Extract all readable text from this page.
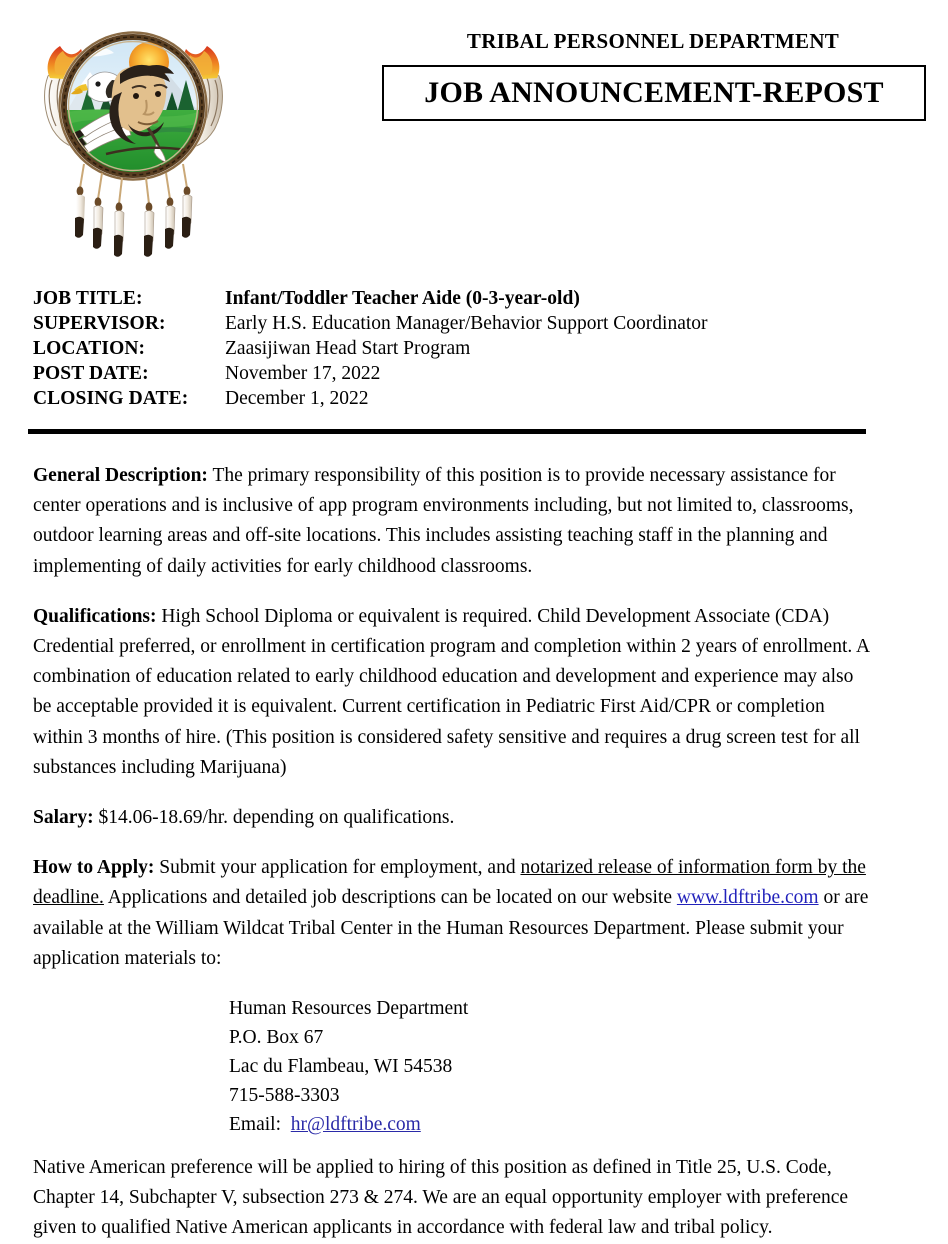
TRIBAL PERSONNEL DEPARTMENT
JOB ANNOUNCEMENT-REPOST
JOB TITLE:	Infant/Toddler Teacher Aide (0-3-year-old)
SUPERVISOR:	Early H.S. Education Manager/Behavior Support Coordinator
LOCATION:	Zaasijiwan Head Start Program
POST DATE:	November 17, 2022
CLOSING DATE:	December 1, 2022

General Description: The primary responsibility of this position is to provide necessary assistance for center operations and is inclusive of app program environments including, but not limited to, classrooms, outdoor learning areas and off-site locations. This includes assisting teaching staff in the planning and implementing of daily activities for early childhood classrooms.

Qualifications: High School Diploma or equivalent is required. Child Development Associate (CDA) Credential preferred, or enrollment in certification program and completion within 2 years of enrollment. A combination of education related to early childhood education and development and experience may also be acceptable provided it is equivalent. Current certification in Pediatric First Aid/CPR or completion within 3 months of hire. (This position is considered safety sensitive and requires a drug screen test for all substances including Marijuana)

Salary: $14.06-18.69/hr. depending on qualifications.

How to Apply: Submit your application for employment, and notarized release of information form by the deadline. Applications and detailed job descriptions can be located on our website www.ldftribe.com or are available at the William Wildcat Tribal Center in the Human Resources Department. Please submit your application materials to:

Human Resources Department
P.O. Box 67
Lac du Flambeau, WI 54538
715-588-3303
Email: hr@ldftribe.com

Native American preference will be applied to hiring of this position as defined in Title 25, U.S. Code, Chapter 14, Subchapter V, subsection 273 & 274. We are an equal opportunity employer with preference given to qualified Native American applicants in accordance with federal law and tribal policy.
